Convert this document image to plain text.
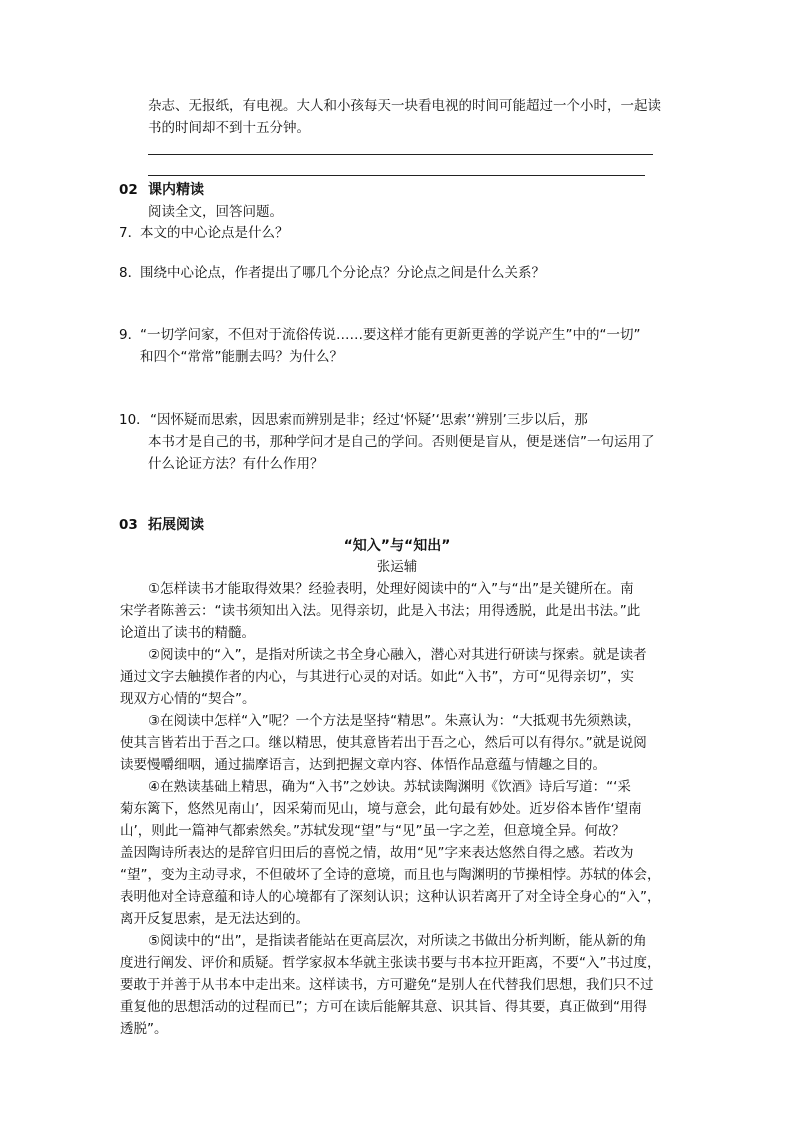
杂志、无报纸，有电视。大人和小孩每天一块看电视的时间可能超过一个小时，一起读
书的时间却不到十五分钟。
02 课内精读
阅读全文，回答问题。
7．
本文的中心论点是什么？
8．
围绕中心论点，作者提出了哪几个分论点？分论点之间是什么关系？
9．
“一切学问家，不但对于流俗传说……要这样才能有更新更善的学说产生”中的“一切”
和四个“常常”能删去吗？为什么？
10． “因怀疑而思索，因思索而辨别是非；经过‘怀疑’‘思索’‘辨别’三步以后，那
本书才是自己的书，那种学问才是自己的学问。否则便是盲从，便是迷信”一句运用了
什么论证方法？有什么作用？
03 拓展阅读
“知入”与“知出”
张运辅
①怎样读书才能取得效果？经验表明，处理好阅读中的“入”与“出”是关键所在。南
宋学者陈善云：“读书须知出入法。见得亲切，此是入书法；用得透脱，此是出书法。”此
论道出了读书的精髓。
②阅读中的“入”，是指对所读之书全身心融入，潜心对其进行研读与探索。就是读者
通过文字去触摸作者的内心，与其进行心灵的对话。如此“入书”，方可“见得亲切”，实
现双方心情的“契合”。
③在阅读中怎样“入”呢？一个方法是坚持“精思”。朱熹认为：“大抵观书先须熟读，
使其言皆若出于吾之口。继以精思，使其意皆若出于吾之心，然后可以有得尔。”就是说阅
读要慢嚼细咽，通过揣摩语言，达到把握文章内容、体悟作品意蕴与情趣之目的。
④在熟读基础上精思，确为“入书”之妙诀。苏轼读陶渊明《饮酒》诗后写道：“‘采
菊东篱下，悠然见南山’，因采菊而见山，境与意会，此句最有妙处。近岁俗本皆作‘望南
山’，则此一篇神气都索然矣。”苏轼发现“望”与“见”虽一字之差，但意境全异。何故？
盖因陶诗所表达的是辞官归田后的喜悦之情，故用“见”字来表达悠然自得之感。若改为
“望”，变为主动寻求，不但破坏了全诗的意境，而且也与陶渊明的节操相悖。苏轼的体会，
表明他对全诗意蕴和诗人的心境都有了深刻认识；这种认识若离开了对全诗全身心的“入”，
离开反复思索，是无法达到的。
⑤阅读中的“出”，是指读者能站在更高层次，对所读之书做出分析判断，能从新的角
度进行阐发、评价和质疑。哲学家叔本华就主张读书要与书本拉开距离，不要“入”书过度，
要敢于并善于从书本中走出来。这样读书，方可避免“是别人在代替我们思想，我们只不过
重复他的思想活动的过程而已”；方可在读后能解其意、识其旨、得其要，真正做到“用得
透脱”。
